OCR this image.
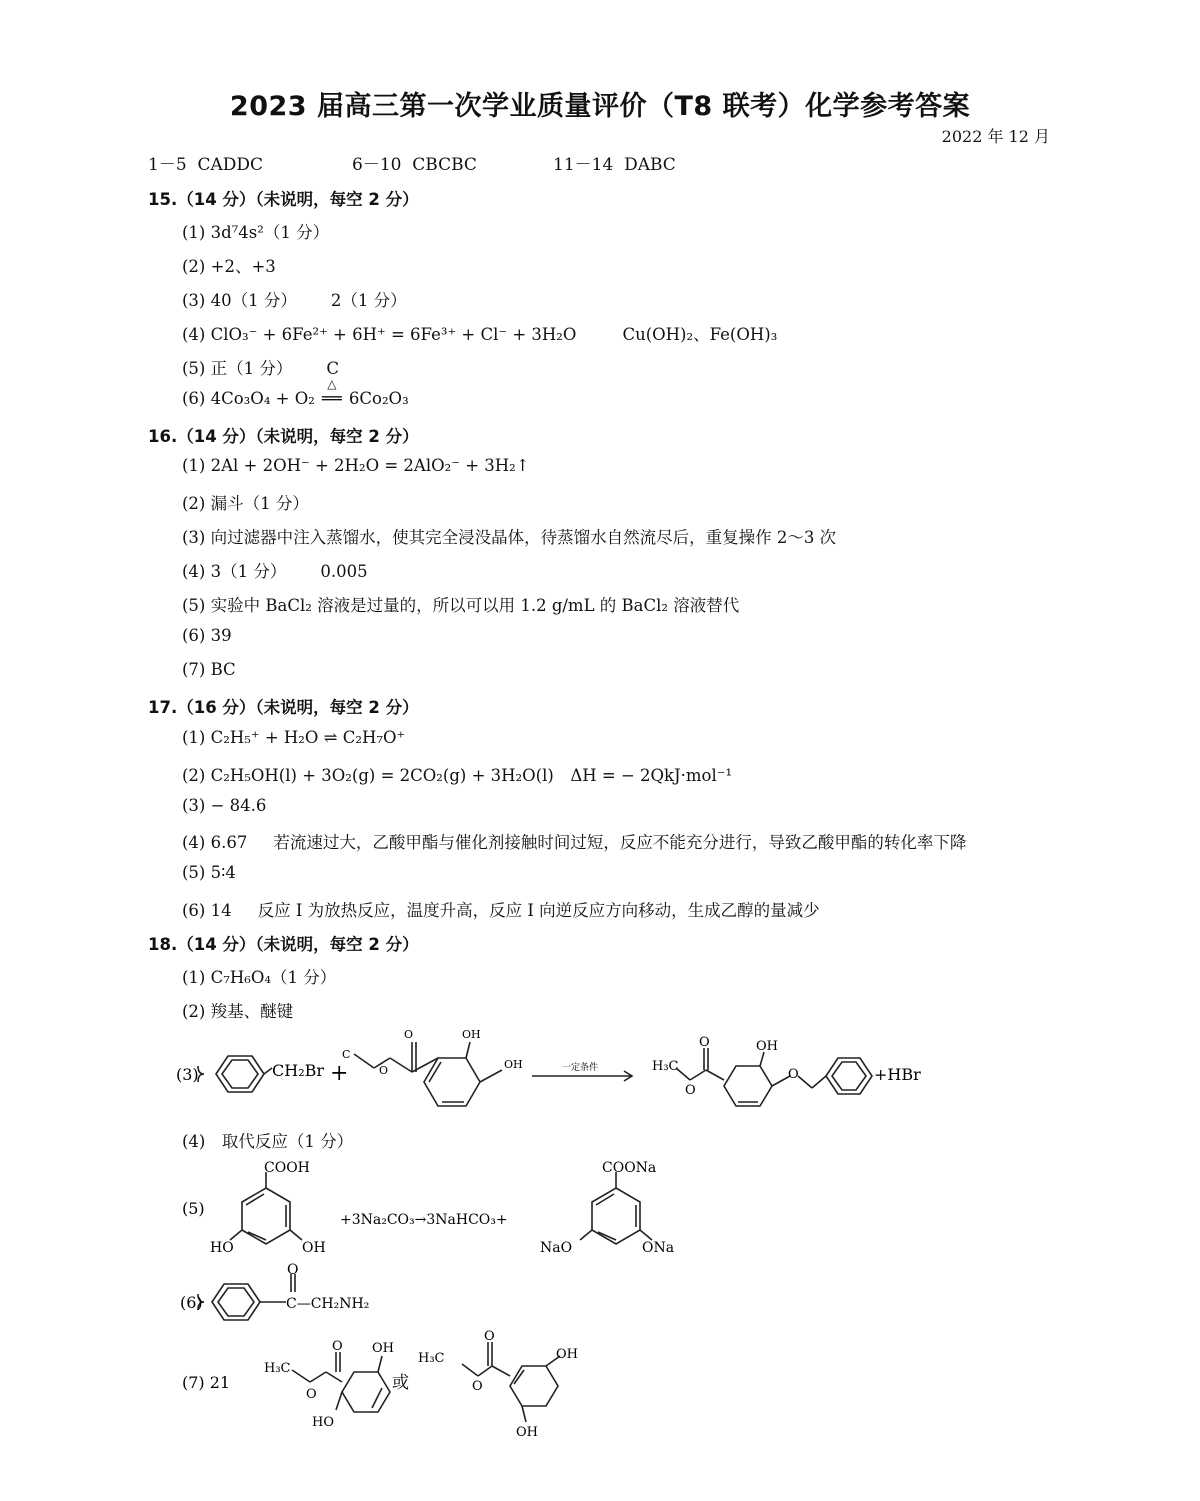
2023 届高三第一次学业质量评价（T8 联考）化学参考答案
2022 年 12 月
1－5 CADDC	6－10 CBCBC	11－14 DABC
15.（14 分）（未说明，每空 2 分）
(1) 3d⁷4s²（1 分）
(2) +2、+3
(3) 40（1 分） 2（1 分）
(4) ClO₃⁻ + 6Fe²⁺ + 6H⁺ = 6Fe³⁺ + Cl⁻ + 3H₂O	Cu(OH)₂、Fe(OH)₃
(5) 正（1 分） C
(6) 4Co₃O₄ + O₂
△
══ 6Co₂O₃
16.（14 分）（未说明，每空 2 分）
(1) 2Al + 2OH⁻ + 2H₂O = 2AlO₂⁻ + 3H₂↑
(2) 漏斗（1 分）
(3) 向过滤器中注入蒸馏水，使其完全浸没晶体，待蒸馏水自然流尽后，重复操作 2～3 次
(4) 3（1 分） 0.005
(5) 实验中 BaCl₂ 溶液是过量的，所以可以用 1.2 g/mL 的 BaCl₂ 溶液替代
(6) 39
(7) BC
17.（16 分）（未说明，每空 2 分）
(1) C₂H₅⁺ + H₂O ⇌ C₂H₇O⁺
(2) C₂H₅OH(l) + 3O₂(g) = 2CO₂(g) + 3H₂O(l)　ΔH = − 2QkJ·mol⁻¹
(3) − 84.6
(4) 6.67 若流速过大，乙酸甲酯与催化剂接触时间过短，反应不能充分进行，导致乙酸甲酯的转化率下降
(5) 5∶4
(6) 14 反应 I 为放热反应，温度升高，反应 I 向逆反应方向移动，生成乙醇的量减少
18.（14 分）（未说明，每空 2 分）
(1) C₇H₆O₄（1 分）
(2) 羧基、醚键
(3)	CH₂Br +
C
O
O
OH
OH	一定条件	H₃C
O
O
OH
O	+HBr
(4)　取代反应（1 分）
(5)
COOH
HO	OH
+3Na₂CO₃→3NaHCO₃+
COONa
NaO	ONa
(6)
O
C—CH₂NH₂
(7) 21
H₃C
O
O
OH
HO
或
H₃C
O
O
OH
OH
